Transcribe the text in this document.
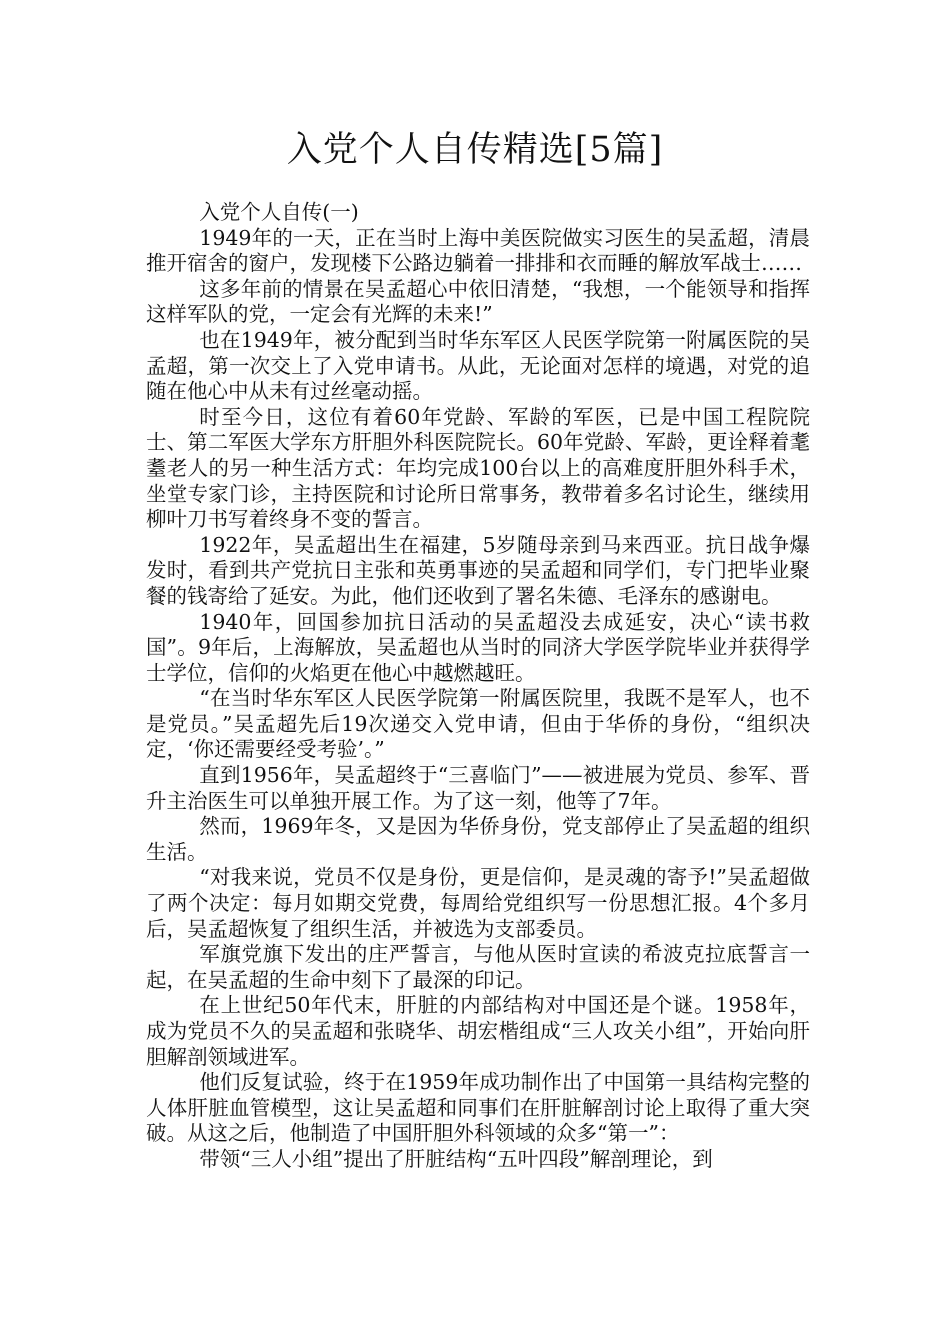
入党个人自传精选[5篇]

入党个人自传(一)

1949年的一天，正在当时上海中美医院做实习医生的吴孟超，清晨推开宿舍的窗户，发现楼下公路边躺着一排排和衣而睡的解放军战士……

这多年前的情景在吴孟超心中依旧清楚，“我想，一个能领导和指挥这样军队的党，一定会有光辉的未来!”

也在1949年，被分配到当时华东军区人民医学院第一附属医院的吴孟超，第一次交上了入党申请书。从此，无论面对怎样的境遇，对党的追随在他心中从未有过丝毫动摇。

时至今日，这位有着60年党龄、军龄的军医，已是中国工程院院士、第二军医大学东方肝胆外科医院院长。60年党龄、军龄，更诠释着耄耋老人的另一种生活方式：年均完成100台以上的高难度肝胆外科手术，坐堂专家门诊，主持医院和讨论所日常事务，教带着多名讨论生，继续用柳叶刀书写着终身不变的誓言。

1922年，吴孟超出生在福建，5岁随母亲到马来西亚。抗日战争爆发时，看到共产党抗日主张和英勇事迹的吴孟超和同学们，专门把毕业聚餐的钱寄给了延安。为此，他们还收到了署名朱德、毛泽东的感谢电。

1940年，回国参加抗日活动的吴孟超没去成延安，决心“读书救国”。9年后，上海解放，吴孟超也从当时的同济大学医学院毕业并获得学士学位，信仰的火焰更在他心中越燃越旺。

“在当时华东军区人民医学院第一附属医院里，我既不是军人，也不是党员。”吴孟超先后19次递交入党申请，但由于华侨的身份，“组织决定，‘你还需要经受考验’。”

直到1956年，吴孟超终于“三喜临门”——被进展为党员、参军、晋升主治医生可以单独开展工作。为了这一刻，他等了7年。

然而，1969年冬，又是因为华侨身份，党支部停止了吴孟超的组织生活。

“对我来说，党员不仅是身份，更是信仰，是灵魂的寄予!”吴孟超做了两个决定：每月如期交党费，每周给党组织写一份思想汇报。4个多月后，吴孟超恢复了组织生活，并被选为支部委员。

军旗党旗下发出的庄严誓言，与他从医时宣读的希波克拉底誓言一起，在吴孟超的生命中刻下了最深的印记。

在上世纪50年代末，肝脏的内部结构对中国还是个谜。1958年，成为党员不久的吴孟超和张晓华、胡宏楷组成“三人攻关小组”，开始向肝胆解剖领域进军。

他们反复试验，终于在1959年成功制作出了中国第一具结构完整的人体肝脏血管模型，这让吴孟超和同事们在肝脏解剖讨论上取得了重大突破。从这之后，他制造了中国肝胆外科领域的众多“第一”：

带领“三人小组”提出了肝脏结构“五叶四段”解剖理论，到
